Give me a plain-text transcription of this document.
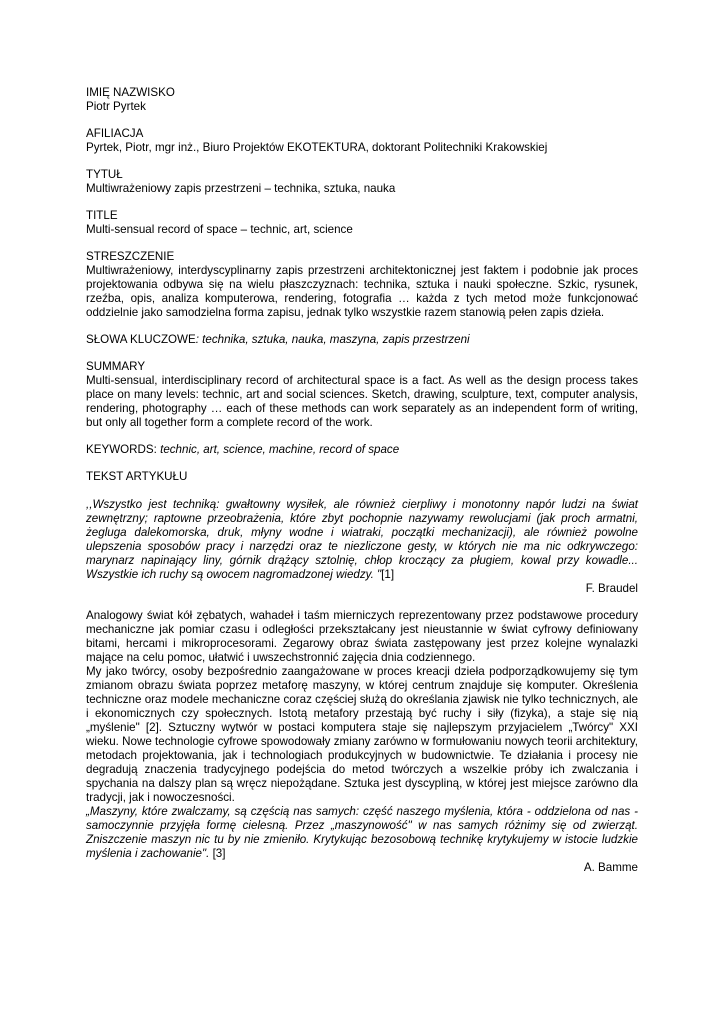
IMIĘ NAZWISKO
Piotr Pyrtek
AFILIACJA
Pyrtek, Piotr, mgr inż., Biuro Projektów EKOTEKTURA, doktorant Politechniki Krakowskiej
TYTUŁ
Multiwrażeniowy zapis przestrzeni – technika, sztuka, nauka
TITLE
Multi-sensual record of space – technic, art, science
STRESZCZENIE

Multiwrażeniowy, interdyscyplinarny zapis przestrzeni architektonicznej jest faktem i podobnie jak proces projektowania odbywa się na wielu płaszczyznach: technika, sztuka i nauki społeczne. Szkic, rysunek, rzeźba, opis, analiza komputerowa, rendering, fotografia … każda z tych metod może funkcjonować oddzielnie jako samodzielna forma zapisu, jednak tylko wszystkie razem stanowią pełen zapis dzieła.

SŁOWA KLUCZOWE: technika, sztuka, nauka, maszyna, zapis przestrzeni
SUMMARY

Multi-sensual, interdisciplinary record of architectural space is a fact. As well as the design process takes place on many levels: technic, art and social sciences. Sketch, drawing, sculpture, text, computer analysis, rendering, photography … each of these methods can work separately as an independent form of writing, but only all together form a complete record of the work.

KEYWORDS: technic, art, science, machine, record of space
TEKST ARTYKUŁU

,,Wszystko jest techniką: gwałtowny wysiłek, ale również cierpliwy i monotonny napór ludzi na świat zewnętrzny; raptowne przeobrażenia, które zbyt pochopnie nazywamy rewolucjami (jak proch armatni, żegluga dalekomorska, druk, młyny wodne i wiatraki, początki mechanizacji), ale również powolne ulepszenia sposobów pracy i narzędzi oraz te niezliczone gesty, w których nie ma nic odkrywczego: marynarz napinający liny, górnik drążący sztolnię, chłop kroczący za pługiem, kowal przy kowadle... Wszystkie ich ruchy są owocem nagromadzonej wiedzy. "[1]

F. Braudel

Analogowy świat kół zębatych, wahadeł i taśm mierniczych reprezentowany przez podstawowe procedury mechaniczne jak pomiar czasu i odległości przekształcany jest nieustannie w świat cyfrowy definiowany bitami, hercami i mikroprocesorami. Zegarowy obraz świata zastępowany jest przez kolejne wynalazki mające na celu pomoc, ułatwić i uwszechstronnić zajęcia dnia codziennego.

My jako twórcy, osoby bezpośrednio zaangażowane w proces kreacji dzieła podporządkowujemy się tym zmianom obrazu świata poprzez metaforę maszyny, w której centrum znajduje się komputer. Określenia techniczne oraz modele mechaniczne coraz częściej służą do określania zjawisk nie tylko technicznych, ale i ekonomicznych czy społecznych. Istotą metafory przestają być ruchy i siły (fizyka), a staje się nią „myślenie" [2]. Sztuczny wytwór w postaci komputera staje się najlepszym przyjacielem „Twórcy" XXI wieku. Nowe technologie cyfrowe spowodowały zmiany zarówno w formułowaniu nowych teorii architektury, metodach projektowania, jak i technologiach produkcyjnych w budownictwie. Te działania i procesy nie degradują znaczenia tradycyjnego podejścia do metod twórczych a wszelkie próby ich zwalczania i spychania na dalszy plan są wręcz niepożądane. Sztuka jest dyscypliną, w której jest miejsce zarówno dla tradycji, jak i nowoczesności.

„Maszyny, które zwalczamy, są częścią nas samych: część naszego myślenia, która - oddzielona od nas - samoczynnie przyjęła formę cielesną. Przez „maszynowość" w nas samych różnimy się od zwierząt. Zniszczenie maszyn nic tu by nie zmieniło. Krytykując bezosobową technikę krytykujemy w istocie ludzkie myślenia i zachowanie". [3]

A. Bamme
